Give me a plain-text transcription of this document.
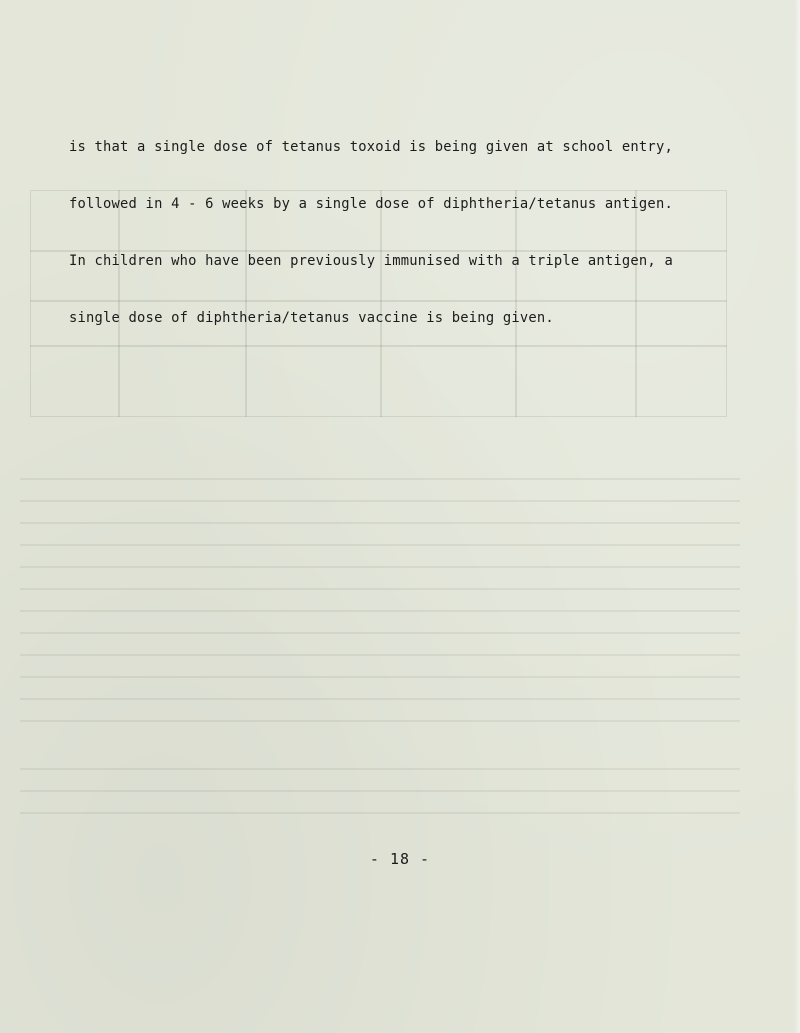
is that a single dose of tetanus toxoid is being given at school entry,

followed in 4 - 6 weeks by a single dose of diphtheria/tetanus antigen.

In children who have been previously immunised with a triple antigen, a

single dose of diphtheria/tetanus vaccine is being given.

- 18 -
